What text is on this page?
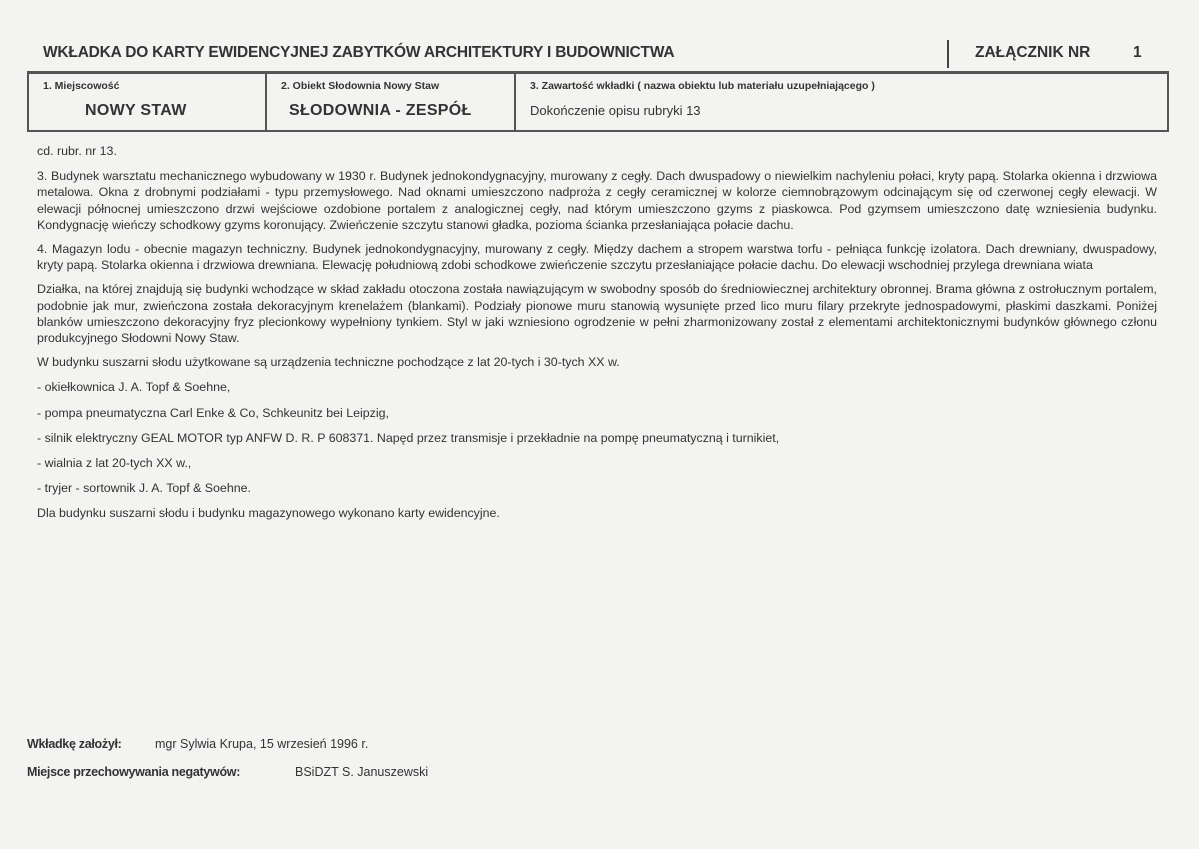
WKŁADKA DO KARTY EWIDENCYJNEJ ZABYTKÓW ARCHITEKTURY I BUDOWNICTWA	ZAŁĄCZNIK NR	1
1. Miejscowość
NOWY STAW
2. Obiekt Słodownia Nowy Staw
SŁODOWNIA - ZESPÓŁ
3. Zawartość wkładki ( nazwa obiektu lub materiału uzupełniającego )
Dokończenie opisu rubryki 13

cd. rubr. nr 13.

3. Budynek warsztatu mechanicznego wybudowany w 1930 r. Budynek jednokondygnacyjny, murowany z cegły. Dach dwuspadowy o niewielkim nachyleniu połaci, kryty papą. Stolarka okienna i drzwiowa metalowa. Okna z drobnymi podziałami - typu przemysłowego. Nad oknami umieszczono nadproża z cegły ceramicznej w kolorze ciemnobrązowym odcinającym się od czerwonej cegły elewacji. W elewacji północnej umieszczono drzwi wejściowe ozdobione portalem z analogicznej cegły, nad którym umieszczono gzyms z piaskowca. Pod gzymsem umieszczono datę wzniesienia budynku. Kondygnację wieńczy schodkowy gzyms koronujący. Zwieńczenie szczytu stanowi gładka, pozioma ścianka przesłaniająca połacie dachu.

4. Magazyn lodu - obecnie magazyn techniczny. Budynek jednokondygnacyjny, murowany z cegły. Między dachem a stropem warstwa torfu - pełniąca funkcję izolatora. Dach drewniany, dwuspadowy, kryty papą. Stolarka okienna i drzwiowa drewniana. Elewację południową zdobi schodkowe zwieńczenie szczytu przesłaniające połacie dachu. Do elewacji wschodniej przylega drewniana wiata

Działka, na której znajdują się budynki wchodzące w skład zakładu otoczona została nawiązującym w swobodny sposób do średniowiecznej architektury obronnej. Brama główna z ostrołucznym portalem, podobnie jak mur, zwieńczona została dekoracyjnym krenelażem (blankami). Podziały pionowe muru stanowią wysunięte przed lico muru filary przekryte jednospadowymi, płaskimi daszkami. Poniżej blanków umieszczono dekoracyjny fryz plecionkowy wypełniony tynkiem. Styl w jaki wzniesiono ogrodzenie w pełni zharmonizowany został z elementami architektonicznymi budynków głównego członu produkcyjnego Słodowni Nowy Staw.

W budynku suszarni słodu użytkowane są urządzenia techniczne pochodzące z lat 20-tych i 30-tych XX w.

- okiełkownica J. A. Topf & Soehne,

- pompa pneumatyczna Carl Enke & Co, Schkeunitz bei Leipzig,

- silnik elektryczny GEAL MOTOR typ ANFW D. R. P 608371. Napęd przez transmisje i przekładnie na pompę pneumatyczną i turnikiet,

- wialnia z lat 20-tych XX w.,

- tryjer - sortownik J. A. Topf & Soehne.

Dla budynku suszarni słodu i budynku magazynowego wykonano karty ewidencyjne.

Wkładkę założył:	mgr Sylwia Krupa, 15 wrzesień 1996 r.
Miejsce przechowywania negatywów:	BSiDZT S. Januszewski
